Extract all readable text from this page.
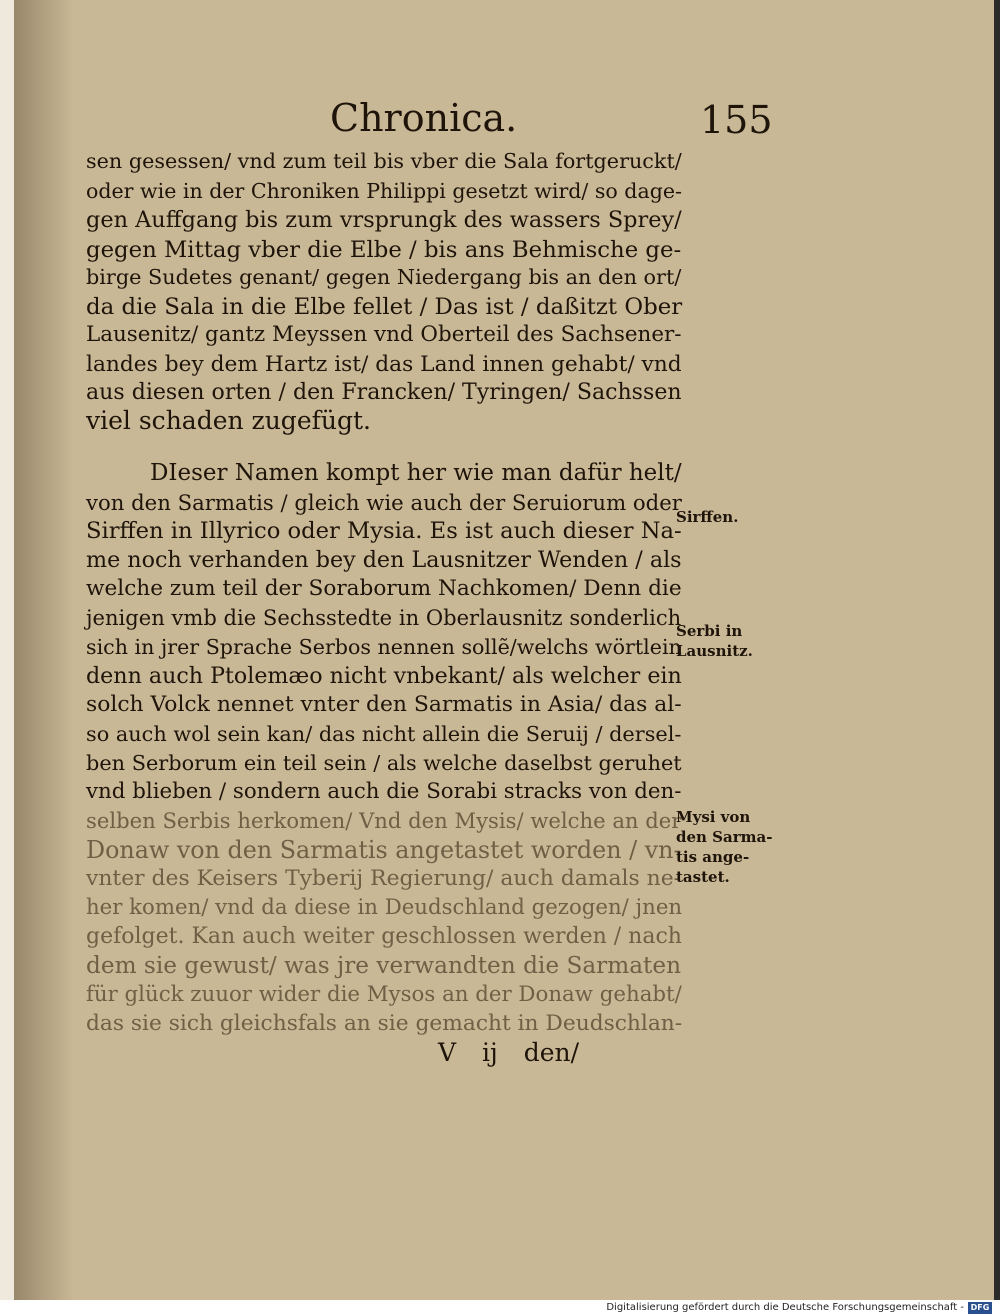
Chronica.	155
sen gesessen/ vnd zum teil bis vber die Sala fortgeruckt/
oder wie in der Chroniken Philippi gesetzt wird/ so dage-
gen Auffgang bis zum vrsprungk des wassers Sprey/
gegen Mittag vber die Elbe / bis ans Behmische ge-
birge Sudetes genant/ gegen Niedergang bis an den ort/
da die Sala in die Elbe fellet / Das ist / daßitzt Ober
Lausenitz/ gantz Meyssen vnd Oberteil des Sachsener-
landes bey dem Hartz ist/ das Land innen gehabt/ vnd
aus diesen orten / den Francken/ Tyringen/ Sachssen
viel schaden zugefügt.
DIeser Namen kompt her wie man dafür helt/
von den Sarmatis / gleich wie auch der Seruiorum oder
Sirffen in Illyrico oder Mysia. Es ist auch dieser Na-
me noch verhanden bey den Lausnitzer Wenden / als
welche zum teil der Soraborum Nachkomen/ Denn die
jenigen vmb die Sechsstedte in Oberlausnitz sonderlich
sich in jrer Sprache Serbos nennen sollẽ/welchs wörtlein
denn auch Ptolemæo nicht vnbekant/ als welcher ein
solch Volck nennet vnter den Sarmatis in Asia/ das al-
so auch wol sein kan/ das nicht allein die Seruij / dersel-
ben Serborum ein teil sein / als welche daselbst geruhet
vnd blieben / sondern auch die Sorabi stracks von den-
selben Serbis herkomen/ Vnd den Mysis/ welche an der
Donaw von den Sarmatis angetastet worden / vn-
vnter des Keisers Tyberij Regierung/ auch damals ne-
her komen/ vnd da diese in Deudschland gezogen/ jnen
gefolget. Kan auch weiter geschlossen werden / nach
dem sie gewust/ was jre verwandten die Sarmaten
für glück zuuor wider die Mysos an der Donaw gehabt/
das sie sich gleichsfals an sie gemacht in Deudschlan-
V ij den/
Sirffen.
Serbi in
Lausnitz.
Mysi von
den Sarma-
tis ange-
tastet.
Digitalisierung gefördert durch die Deutsche Forschungsgemeinschaft - DFG
